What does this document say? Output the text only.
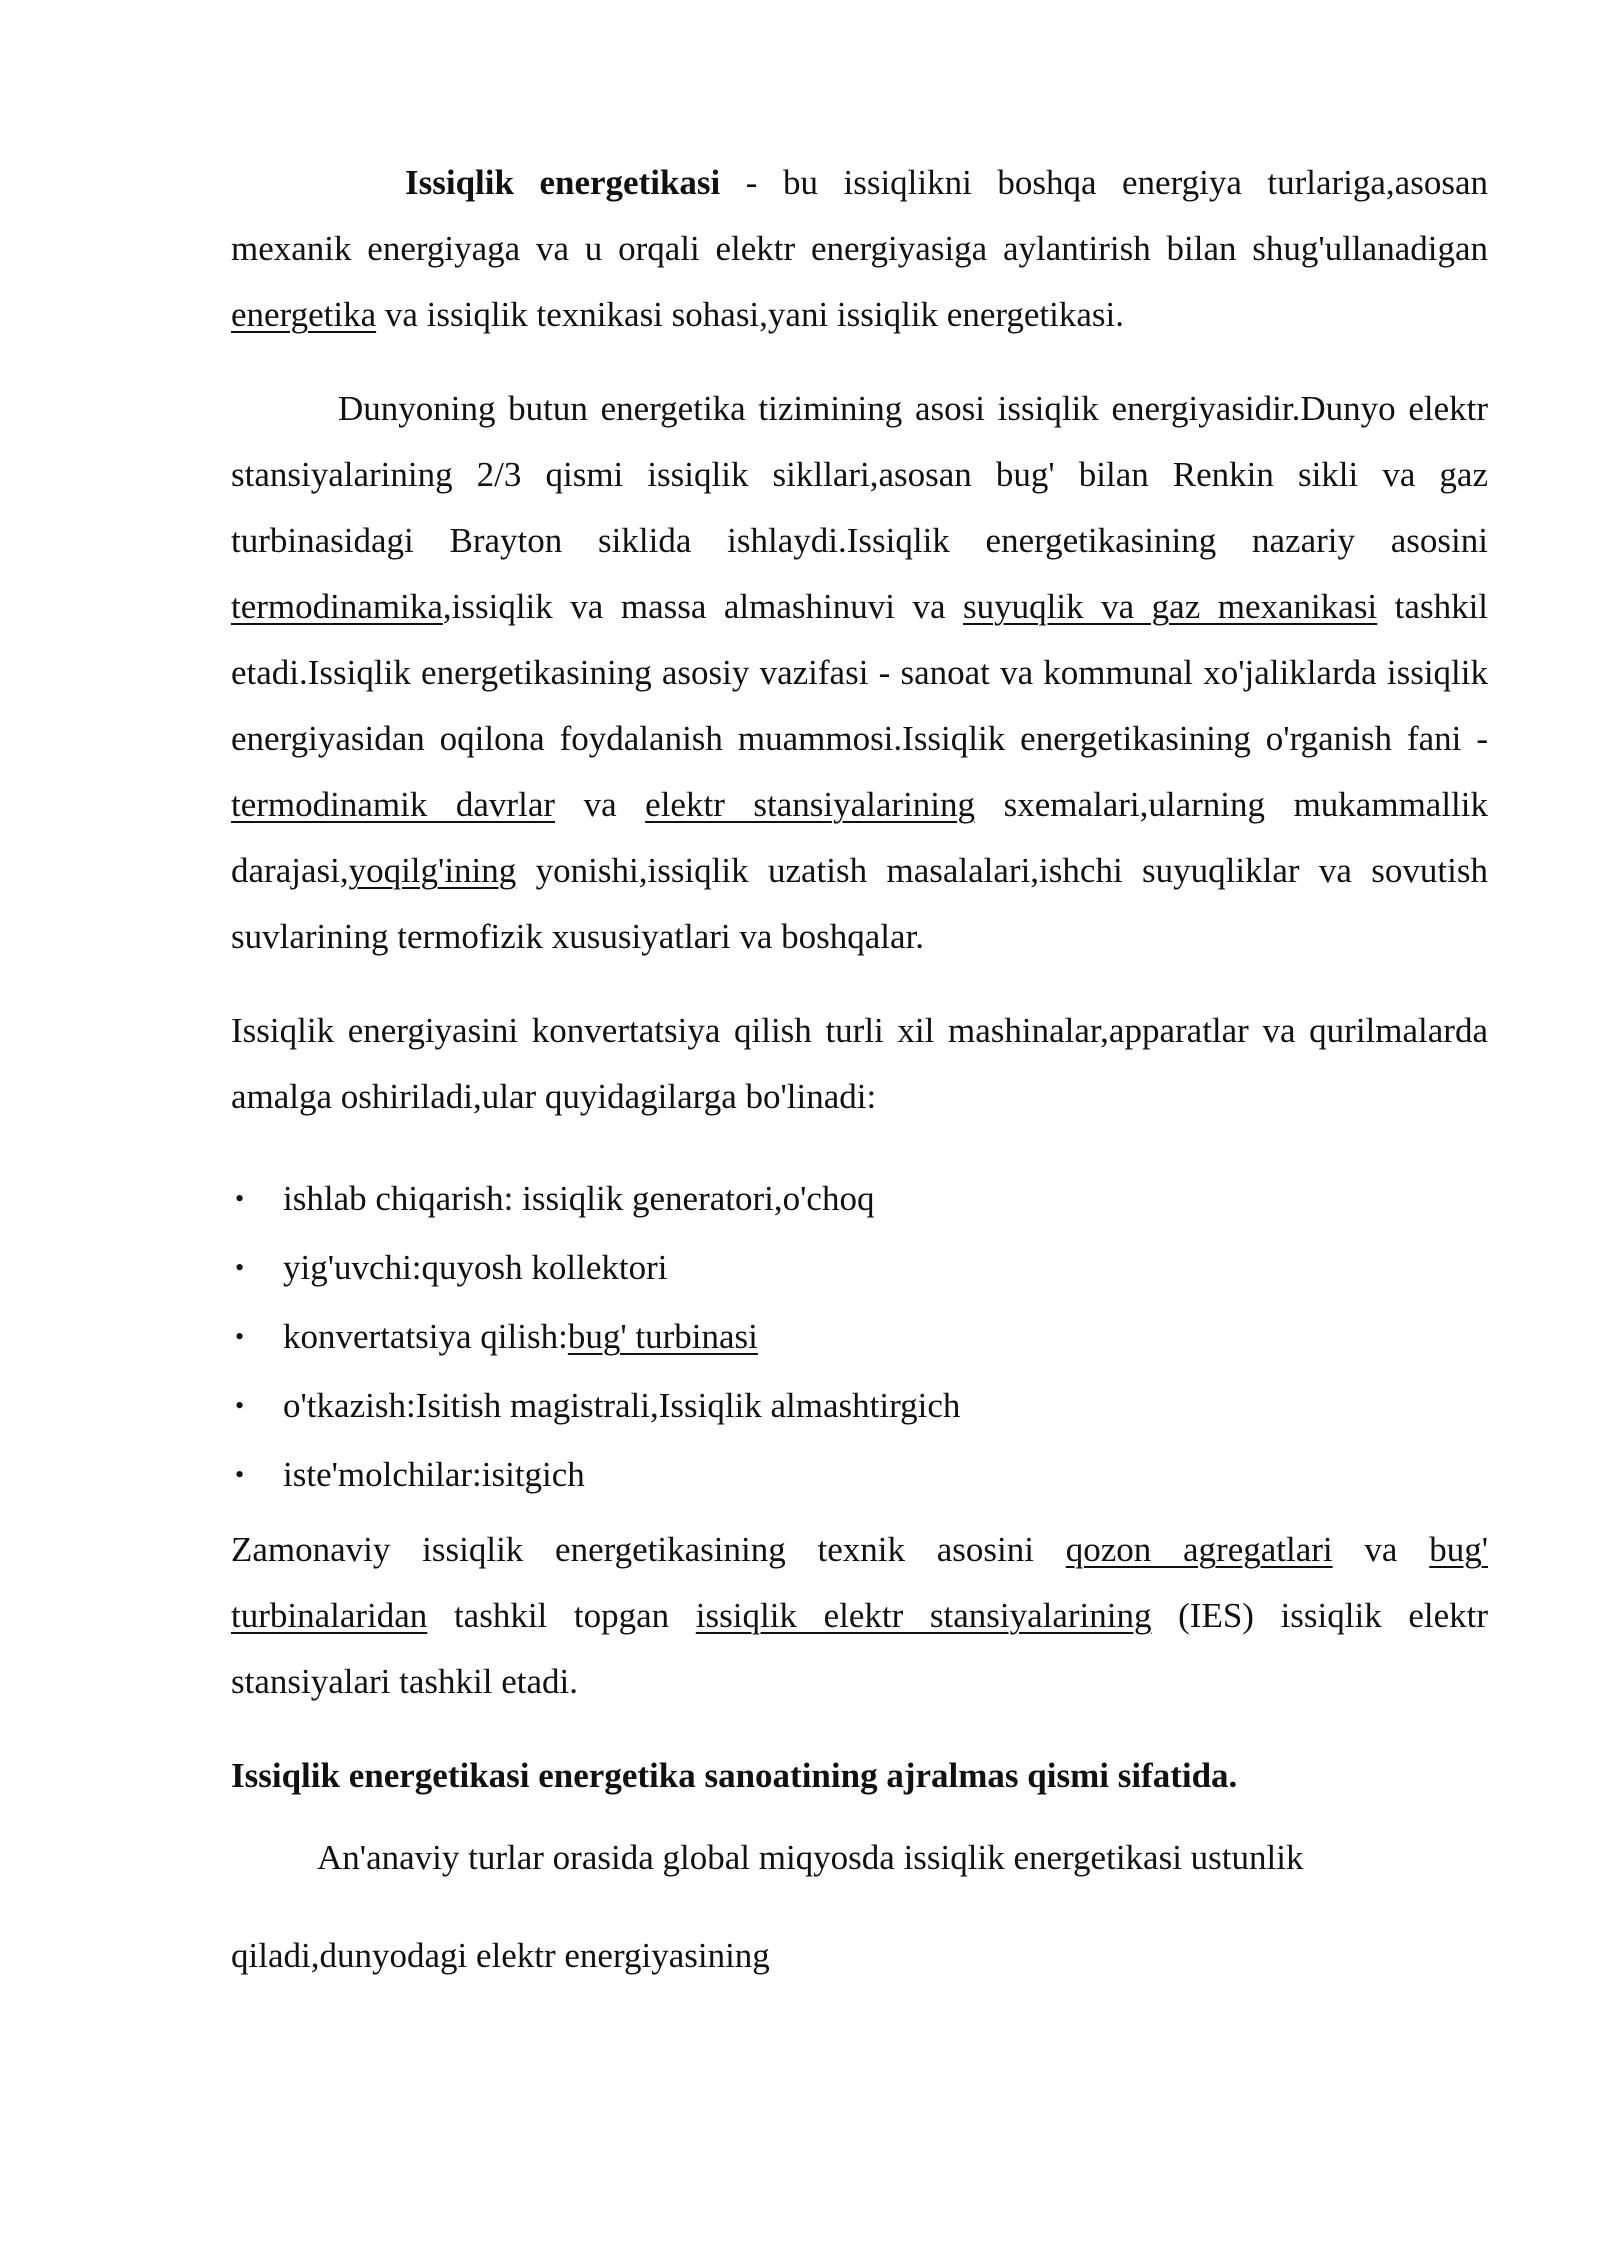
Issiqlik energetikasi - bu issiqlikni boshqa energiya turlariga,asosan mexanik energiyaga va u orqali elektr energiyasiga aylantirish bilan shug'ullanadigan energetika va issiqlik texnikasi sohasi,yani issiqlik energetikasi.

Dunyoning butun energetika tizimining asosi issiqlik energiyasidir.Dunyo elektr stansiyalarining 2/3 qismi issiqlik sikllari,asosan bug' bilan Renkin sikli va gaz turbinasidagi Brayton siklida ishlaydi.Issiqlik energetikasining nazariy asosini termodinamika,issiqlik va massa almashinuvi va suyuqlik va gaz mexanikasi tashkil etadi.Issiqlik energetikasining asosiy vazifasi - sanoat va kommunal xo'jaliklarda issiqlik energiyasidan oqilona foydalanish muammosi.Issiqlik energetikasining o'rganish fani - termodinamik davrlar va elektr stansiyalarining sxemalari,ularning mukammallik darajasi,yoqilg'ining yonishi,issiqlik uzatish masalalari,ishchi suyuqliklar va sovutish suvlarining termofizik xususiyatlari va boshqalar.

Issiqlik energiyasini konvertatsiya qilish turli xil mashinalar,apparatlar va qurilmalarda amalga oshiriladi,ular quyidagilarga bo'linadi:

• ishlab chiqarish: issiqlik generatori,o'choq
• yig'uvchi:quyosh kollektori
• konvertatsiya qilish:bug' turbinasi
• o'tkazish:Isitish magistrali,Issiqlik almashtirgich
• iste'molchilar:isitgich

Zamonaviy issiqlik energetikasining texnik asosini qozon agregatlari va bug' turbinalaridan tashkil topgan issiqlik elektr stansiyalarining (IES) issiqlik elektr stansiyalari tashkil etadi.

Issiqlik energetikasi energetika sanoatining ajralmas qismi sifatida.

An'anaviy turlar orasida global miqyosda issiqlik energetikasi ustunlik

qiladi,dunyodagi elektr energiyasining
